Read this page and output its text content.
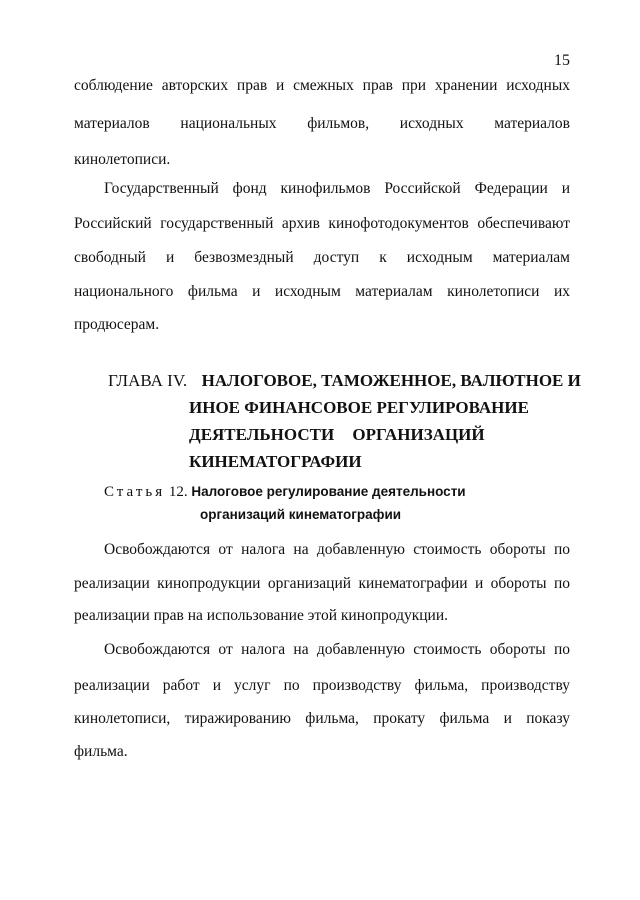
15
соблюдение авторских прав и смежных прав при хранении исходных
материалов национальных фильмов, исходных материалов
кинолетописи.
Государственный фонд кинофильмов Российской Федерации и
Российский государственный архив кинофотодокументов обеспечивают
свободный и безвозмездный доступ к исходным материалам
национального фильма и исходным материалам кинолетописи их
продюсерам.
ГЛАВА IV. НАЛОГОВОЕ, ТАМОЖЕННОЕ, ВАЛЮТНОЕ И
ИНОЕ ФИНАНСОВОЕ РЕГУЛИРОВАНИЕ
ДЕЯТЕЛЬНОСТИ ОРГАНИЗАЦИЙ
КИНЕМАТОГРАФИИ
Статья 12. Налоговое регулирование деятельности
организаций кинематографии
Освобождаются от налога на добавленную стоимость обороты по
реализации кинопродукции организаций кинематографии и обороты по
реализации прав на использование этой кинопродукции.
Освобождаются от налога на добавленную стоимость обороты по
реализации работ и услуг по производству фильма, производству
кинолетописи, тиражированию фильма, прокату фильма и показу
фильма.
